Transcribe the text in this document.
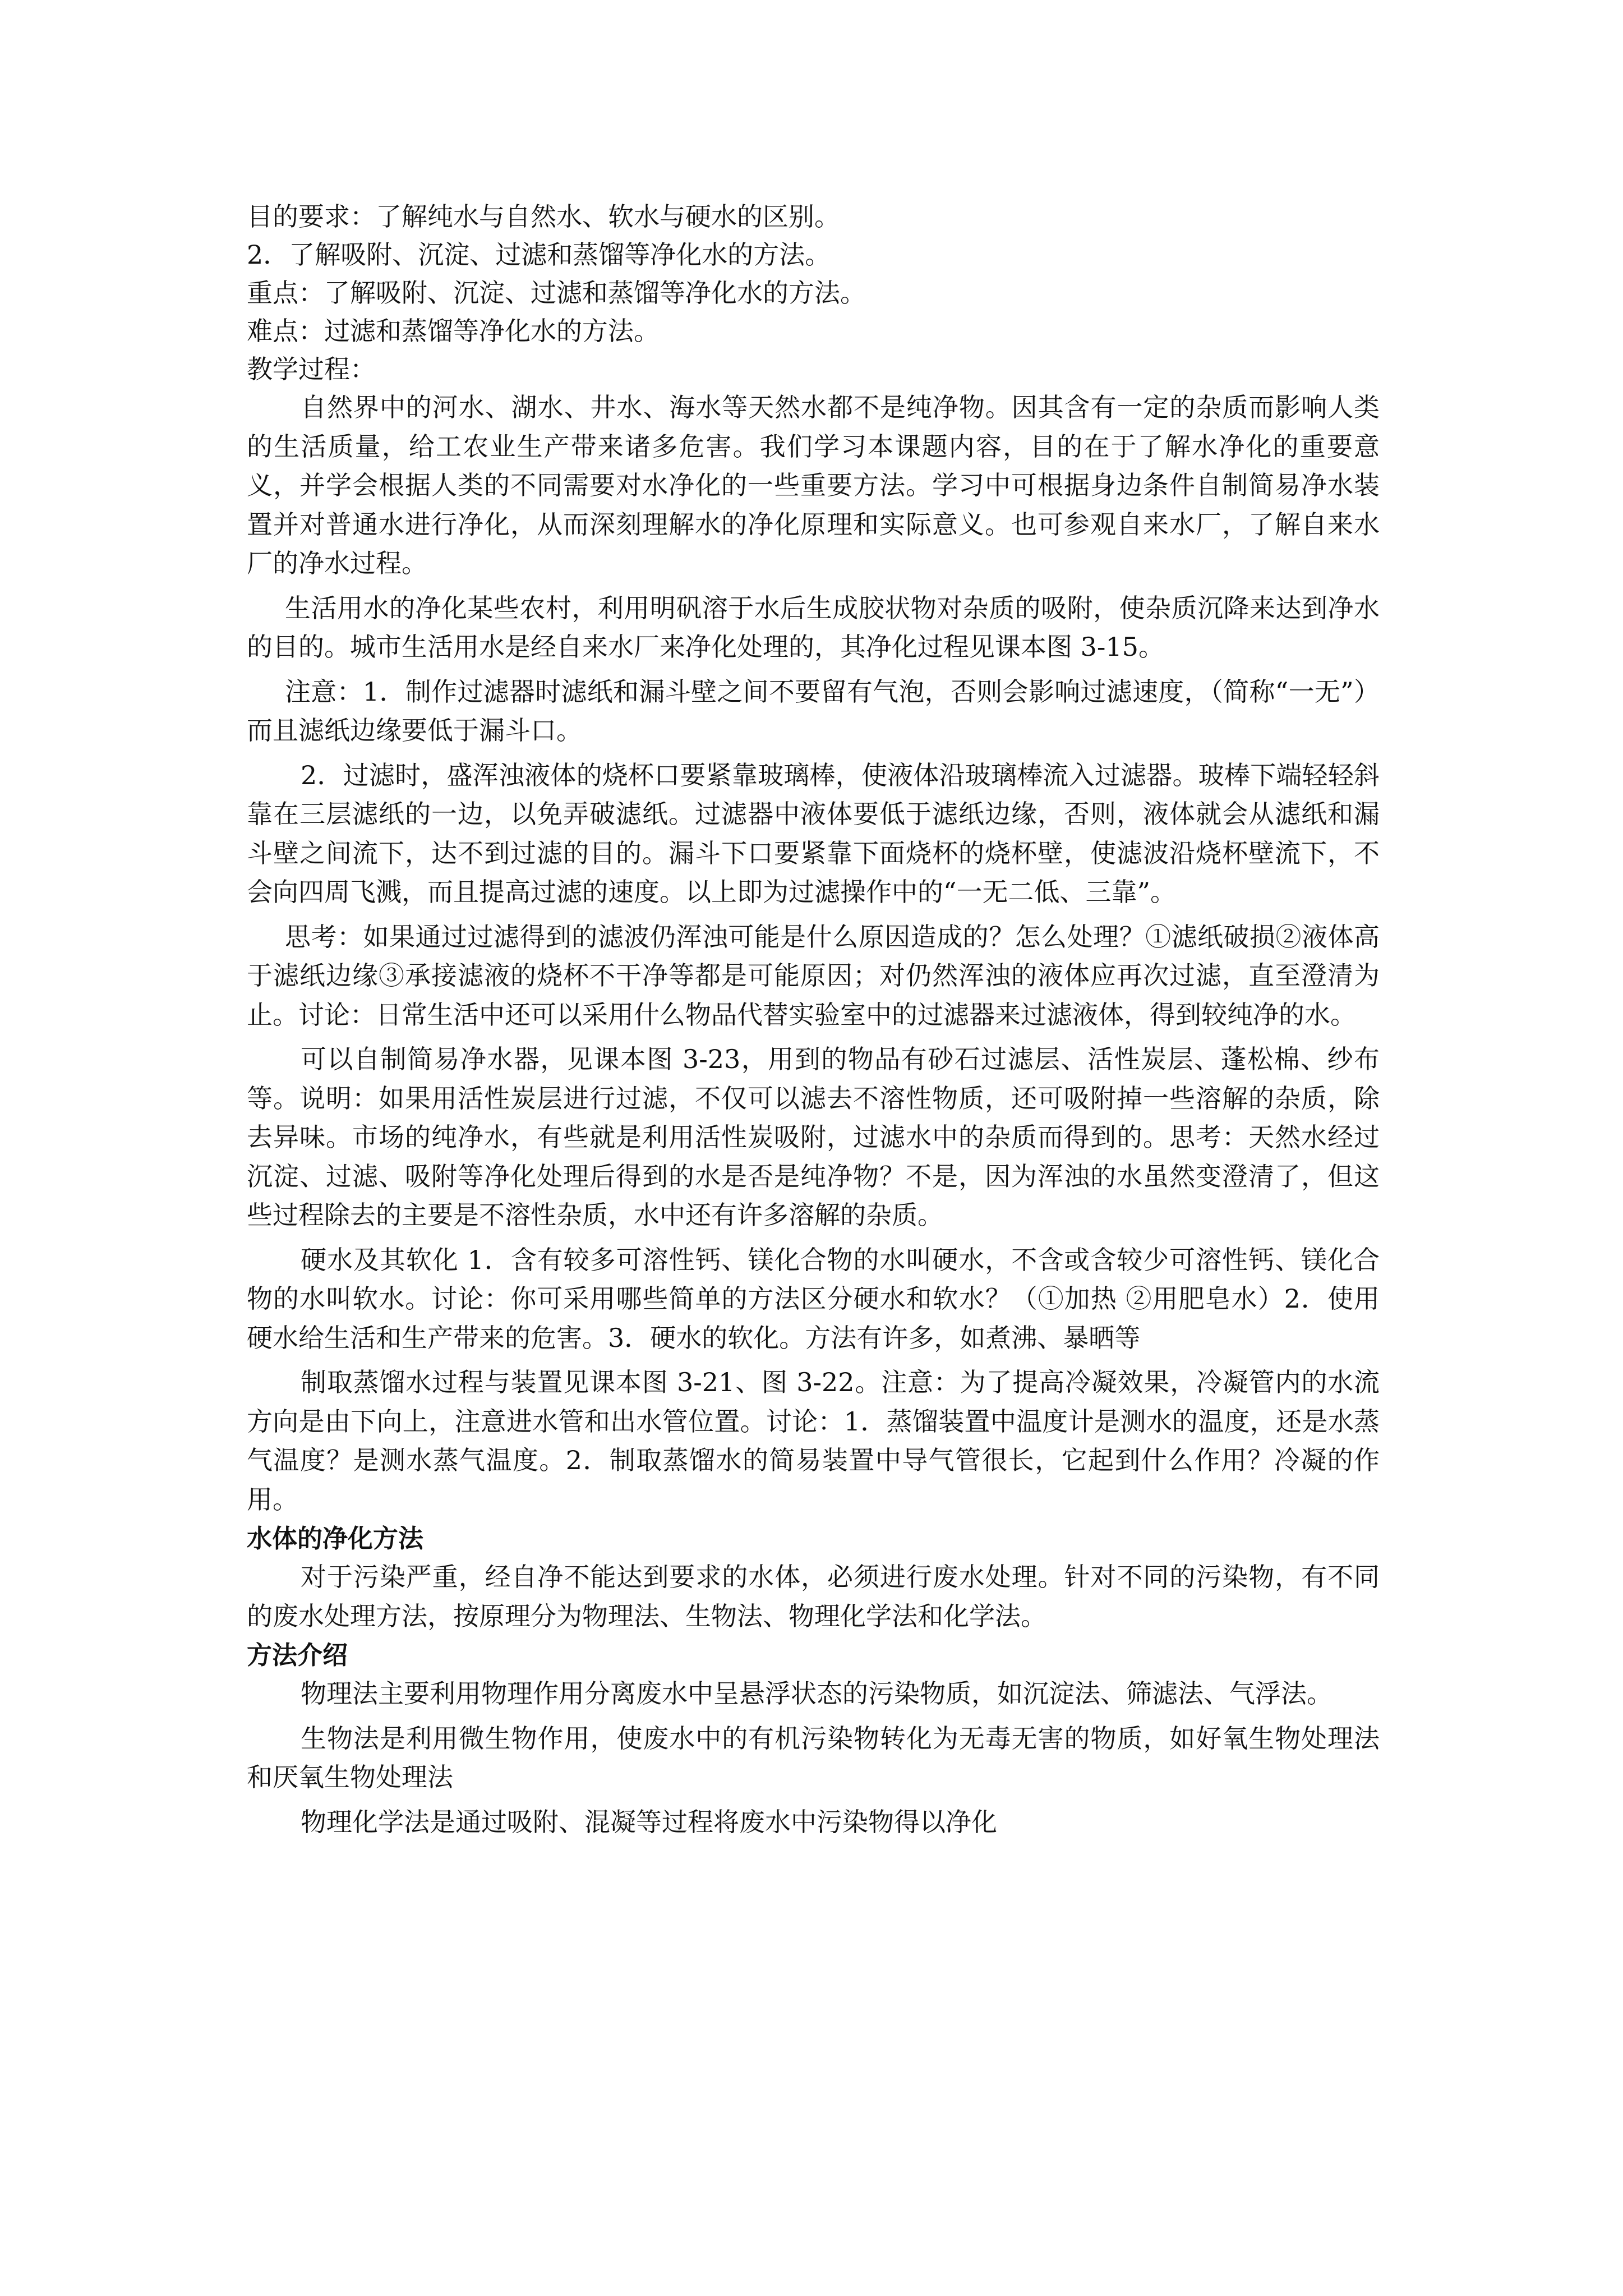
目的要求：了解纯水与自然水、软水与硬水的区别。

2．了解吸附、沉淀、过滤和蒸馏等净化水的方法。

重点：了解吸附、沉淀、过滤和蒸馏等净化水的方法。

难点：过滤和蒸馏等净化水的方法。

教学过程：

自然界中的河水、湖水、井水、海水等天然水都不是纯净物。因其含有一定的杂质而影响人类的生活质量，给工农业生产带来诸多危害。我们学习本课题内容，目的在于了解水净化的重要意义，并学会根据人类的不同需要对水净化的一些重要方法。学习中可根据身边条件自制简易净水装置并对普通水进行净化，从而深刻理解水的净化原理和实际意义。也可参观自来水厂，了解自来水厂的净水过程。

生活用水的净化某些农村，利用明矾溶于水后生成胶状物对杂质的吸附，使杂质沉降来达到净水的目的。城市生活用水是经自来水厂来净化处理的，其净化过程见课本图 3-15。

注意：1．制作过滤器时滤纸和漏斗壁之间不要留有气泡，否则会影响过滤速度，（简称“一无”）而且滤纸边缘要低于漏斗口。

2．过滤时，盛浑浊液体的烧杯口要紧靠玻璃棒，使液体沿玻璃棒流入过滤器。玻棒下端轻轻斜靠在三层滤纸的一边，以免弄破滤纸。过滤器中液体要低于滤纸边缘，否则，液体就会从滤纸和漏斗壁之间流下，达不到过滤的目的。漏斗下口要紧靠下面烧杯的烧杯壁，使滤波沿烧杯壁流下，不会向四周飞溅，而且提高过滤的速度。以上即为过滤操作中的“一无二低、三靠”。

思考：如果通过过滤得到的滤波仍浑浊可能是什么原因造成的？怎么处理？①滤纸破损②液体高于滤纸边缘③承接滤液的烧杯不干净等都是可能原因；对仍然浑浊的液体应再次过滤，直至澄清为止。讨论：日常生活中还可以采用什么物品代替实验室中的过滤器来过滤液体，得到较纯净的水。

可以自制简易净水器，见课本图 3-23，用到的物品有砂石过滤层、活性炭层、蓬松棉、纱布等。说明：如果用活性炭层进行过滤，不仅可以滤去不溶性物质，还可吸附掉一些溶解的杂质，除去异味。市场的纯净水，有些就是利用活性炭吸附，过滤水中的杂质而得到的。思考：天然水经过沉淀、过滤、吸附等净化处理后得到的水是否是纯净物？不是，因为浑浊的水虽然变澄清了，但这些过程除去的主要是不溶性杂质，水中还有许多溶解的杂质。

硬水及其软化 1．含有较多可溶性钙、镁化合物的水叫硬水，不含或含较少可溶性钙、镁化合物的水叫软水。讨论：你可采用哪些简单的方法区分硬水和软水？（①加热 ②用肥皂水）2．使用硬水给生活和生产带来的危害。3．硬水的软化。方法有许多，如煮沸、暴晒等

制取蒸馏水过程与装置见课本图 3-21、图 3-22。注意：为了提高冷凝效果，冷凝管内的水流方向是由下向上，注意进水管和出水管位置。讨论：1．蒸馏装置中温度计是测水的温度，还是水蒸气温度？是测水蒸气温度。2．制取蒸馏水的简易装置中导气管很长，它起到什么作用？冷凝的作用。

水体的净化方法

对于污染严重，经自净不能达到要求的水体，必须进行废水处理。针对不同的污染物，有不同的废水处理方法，按原理分为物理法、生物法、物理化学法和化学法。

方法介绍

物理法主要利用物理作用分离废水中呈悬浮状态的污染物质，如沉淀法、筛滤法、气浮法。

生物法是利用微生物作用，使废水中的有机污染物转化为无毒无害的物质，如好氧生物处理法和厌氧生物处理法

物理化学法是通过吸附、混凝等过程将废水中污染物得以净化
